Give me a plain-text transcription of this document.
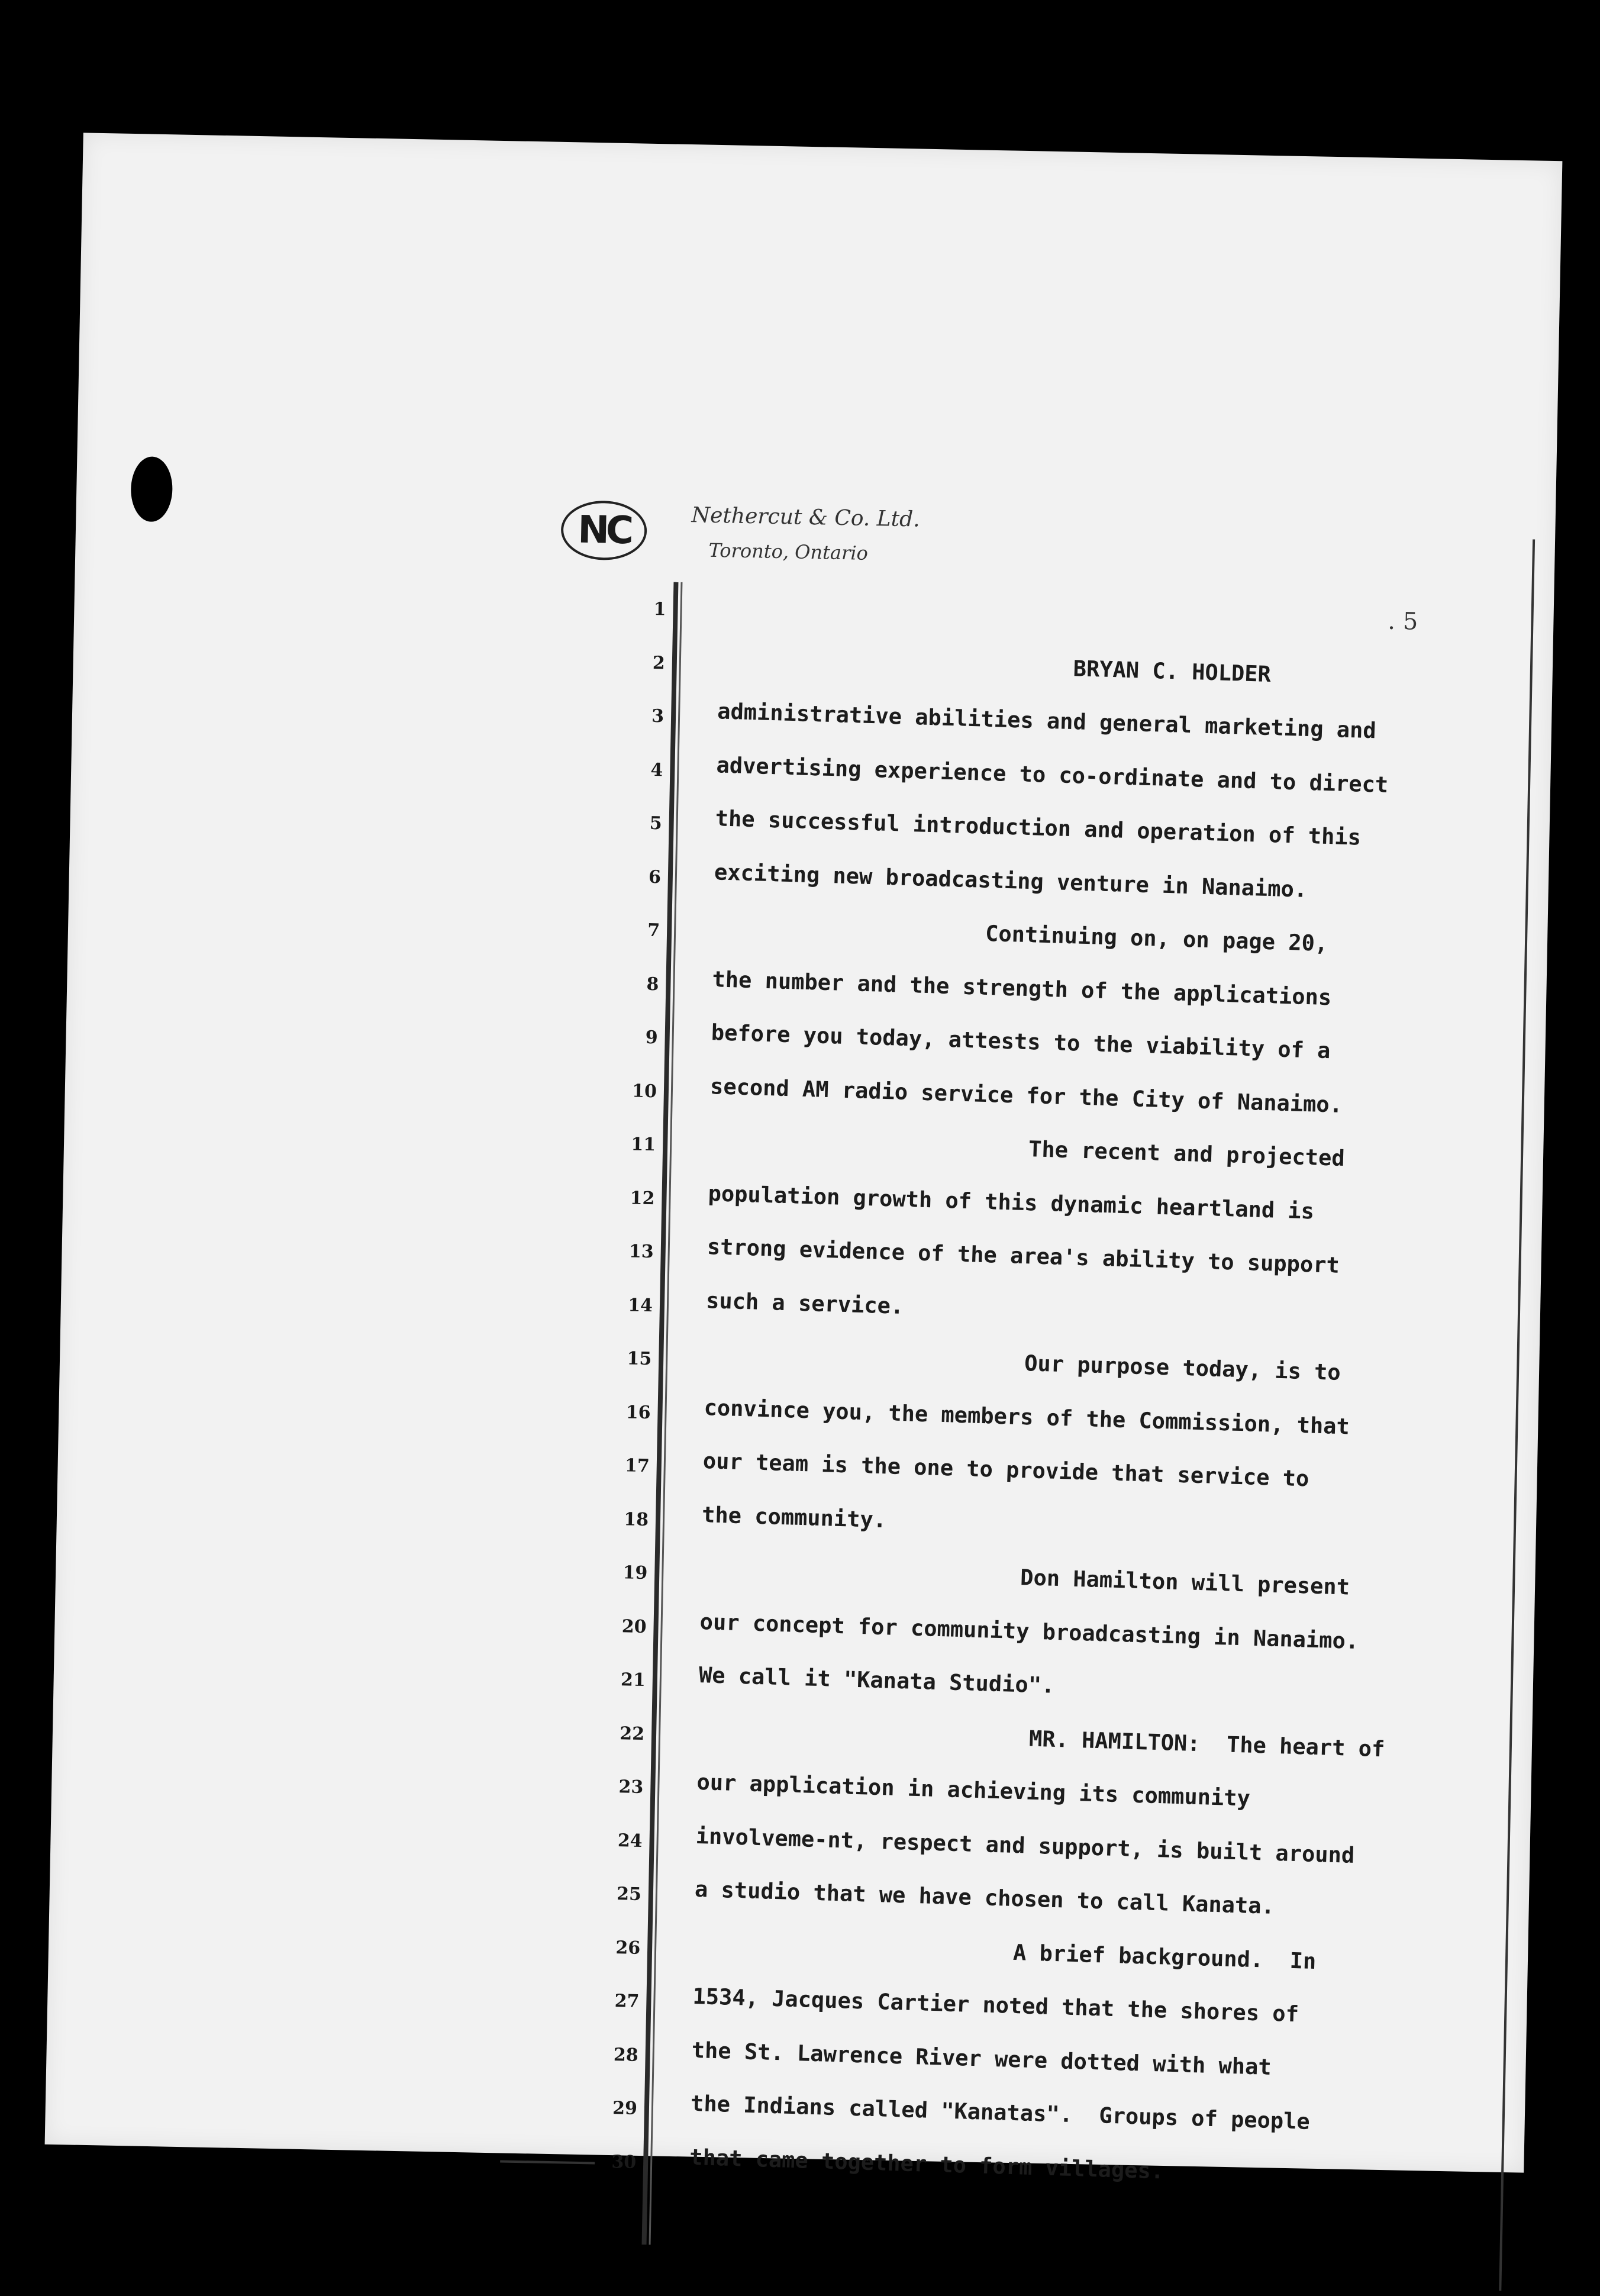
NC	Nethercut & Co. Ltd.
Toronto, Ontario
. 5
1
2
3
4
5
6
7
8
9
10
11
12
13
14
15
16
17
18
19
20
21
22
23
24
25
26
27
28
29
30
BRYAN C. HOLDER
administrative abilities and general marketing and
advertising experience to co-ordinate and to direct
the successful introduction and operation of this
exciting new broadcasting venture in Nanaimo.
Continuing on, on page 20,
the number and the strength of the applications
before you today, attests to the viability of a
second AM radio service for the City of Nanaimo.
The recent and projected
population growth of this dynamic heartland is
strong evidence of the area's ability to support
such a service.
Our purpose today, is to
convince you, the members of the Commission, that
our team is the one to provide that service to
the community.
Don Hamilton will present
our concept for community broadcasting in Nanaimo.
We call it "Kanata Studio".
MR. HAMILTON:  The heart of
our application in achieving its community
involveme-nt, respect and support, is built around
a studio that we have chosen to call Kanata.
A brief background.  In
1534, Jacques Cartier noted that the shores of
the St. Lawrence River were dotted with what
the Indians called "Kanatas".  Groups of people
that came together to form villages.
